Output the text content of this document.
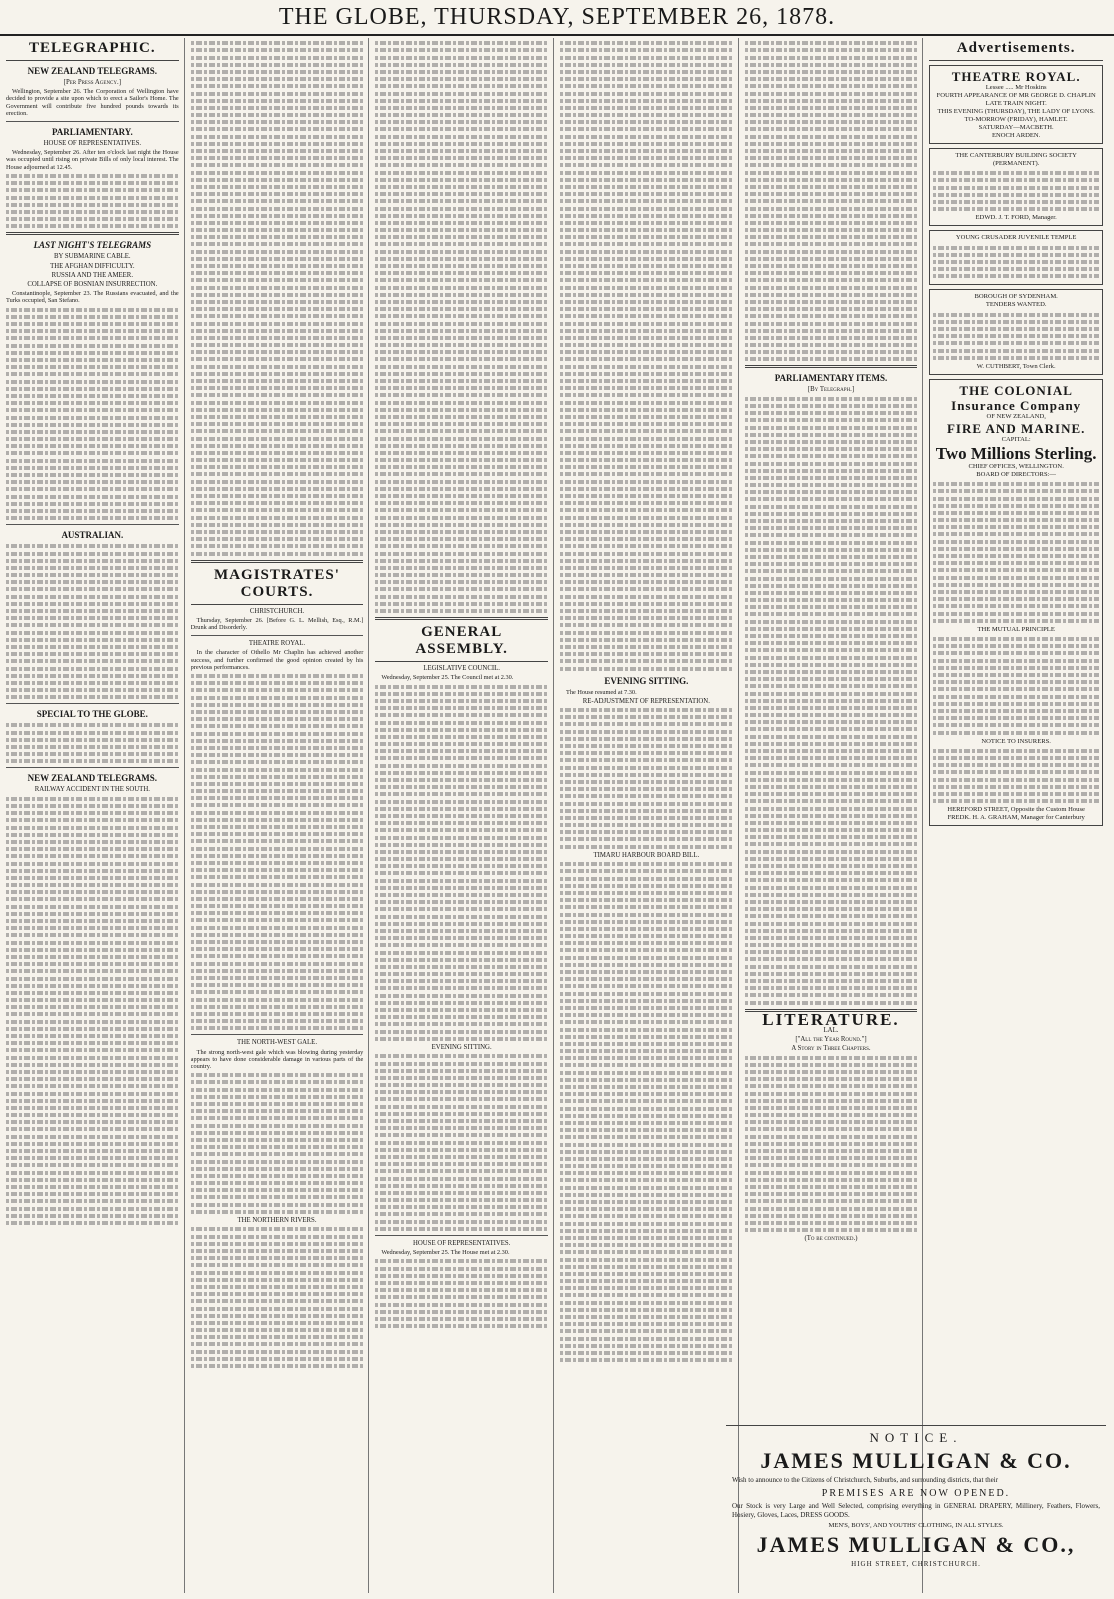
THE GLOBE, THURSDAY, SEPTEMBER 26, 1878.
TELEGRAPHIC.
NEW ZEALAND TELEGRAMS.
[Per Press Agency.]
Wellington, September 26. The Corporation of Wellington have decided to provide a site upon which to erect a Sailor's Home. The Government will contribute five hundred pounds towards its erection.
PARLIAMENTARY.
HOUSE OF REPRESENTATIVES.
Wednesday, September 26. After ten o'clock last night the House was occupied until rising on private Bills of only local interest. The House adjourned at 12.45.
LAST NIGHT'S TELEGRAMS
BY SUBMARINE CABLE.
THE AFGHAN DIFFICULTY.
RUSSIA AND THE AMEER.
COLLAPSE OF BOSNIAN INSURRECTION.
Constantinople, September 23. The Russians evacuated, and the Turks occupied, San Stefano.
AUSTRALIAN.
SPECIAL TO THE GLOBE.
NEW ZEALAND TELEGRAMS.
RAILWAY ACCIDENT IN THE SOUTH.
MAGISTRATES' COURTS.
CHRISTCHURCH.
Thursday, September 26. [Before G. L. Mellish, Esq., R.M.] Drunk and Disorderly.
THEATRE ROYAL.
In the character of Othello Mr Chaplin has achieved another success, and further confirmed the good opinion created by his previous performances.
THE NORTH-WEST GALE.
The strong north-west gale which was blowing during yesterday appears to have done considerable damage in various parts of the country.
THE NORTHERN RIVERS.
GENERAL ASSEMBLY.
LEGISLATIVE COUNCIL.
Wednesday, September 25. The Council met at 2.30.
EVENING SITTING.
HOUSE OF REPRESENTATIVES.
Wednesday, September 25. The House met at 2.30.
EVENING SITTING.
The House resumed at 7.30.
RE-ADJUSTMENT OF REPRESENTATION.
TIMARU HARBOUR BOARD BILL.
PARLIAMENTARY ITEMS.
[By Telegraph.]
LITERATURE.
LAL.
["All the Year Round."]
A Story in Three Chapters.
(To be continued.)
Advertisements.
THEATRE ROYAL.
Lessee ..... Mr Hoskins
FOURTH APPEARANCE OF MR GEORGE D. CHAPLIN
LATE TRAIN NIGHT.
THIS EVENING (THURSDAY), THE LADY OF LYONS.
TO-MORROW (FRIDAY), HAMLET.
SATURDAY—MACBETH.
ENOCH ARDEN.
THE CANTERBURY BUILDING SOCIETY (PERMANENT).
EDWD. J. T. FORD, Manager.
YOUNG CRUSADER JUVENILE TEMPLE
BOROUGH OF SYDENHAM.
TENDERS WANTED.
W. CUTHBERT, Town Clerk.
THE COLONIAL Insurance Company
OF NEW ZEALAND,
FIRE AND MARINE.
CAPITAL:
Two Millions Sterling.
CHIEF OFFICES, WELLINGTON.
BOARD OF DIRECTORS:—
THE MUTUAL PRINCIPLE
NOTICE TO INSURERS.
HEREFORD STREET, Opposite the Custom House
FREDK. H. A. GRAHAM, Manager for Canterbury
NOTICE.
JAMES MULLIGAN & CO.
Wish to announce to the Citizens of Christchurch, Suburbs, and surrounding districts, that their
PREMISES ARE NOW OPENED.
Our Stock is very Large and Well Selected, comprising everything in GENERAL DRAPERY, Millinery, Feathers, Flowers, Hosiery, Gloves, Laces, DRESS GOODS.
MEN'S, BOYS', AND YOUTHS' CLOTHING, IN ALL STYLES.
JAMES MULLIGAN & CO.,
HIGH STREET, CHRISTCHURCH.
